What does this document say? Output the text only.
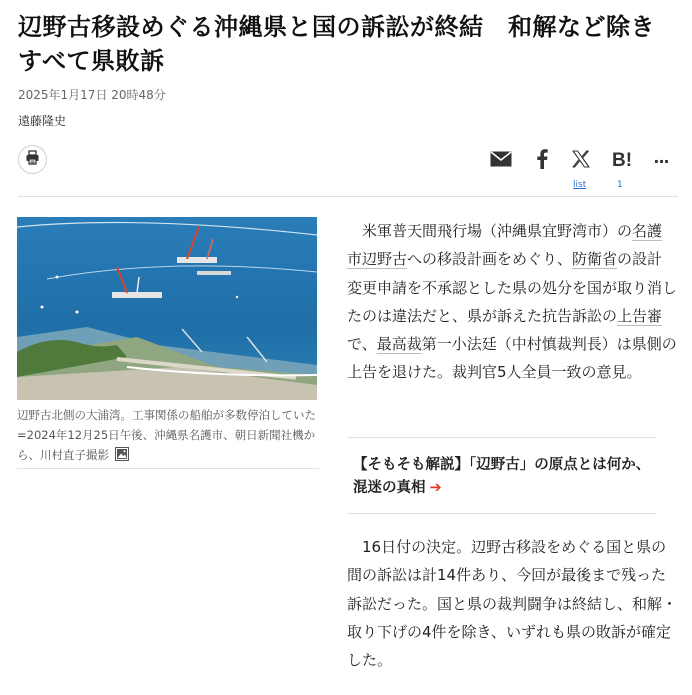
辺野古移設めぐる沖縄県と国の訴訟が終結　和解など除き
すべて県敗訴
2025年1月17日 20時48分
遠藤隆史
list
B!
1
···

辺野古北側の大浦湾。工事関係の船舶が多数停泊していた=2024年12月25日午後、沖縄県名護市、朝日新聞社機から、川村直子撮影

米軍普天間飛行場（沖縄県宜野湾市）の名護市辺野古への移設計画をめぐり、防衛省の設計変更申請を不承認とした県の処分を国が取り消したのは違法だと、県が訴えた抗告訴訟の上告審で、最高裁第一小法廷（中村慎裁判長）は県側の上告を退けた。裁判官5人全員一致の意見。

【そもそも解説】「辺野古」の原点とは何か、混迷の真相 ➔

16日付の決定。辺野古移設をめぐる国と県の間の訴訟は計14件あり、今回が最後まで残った訴訟だった。国と県の裁判闘争は終結し、和解・取り下げの4件を除き、いずれも県の敗訴が確定した。
